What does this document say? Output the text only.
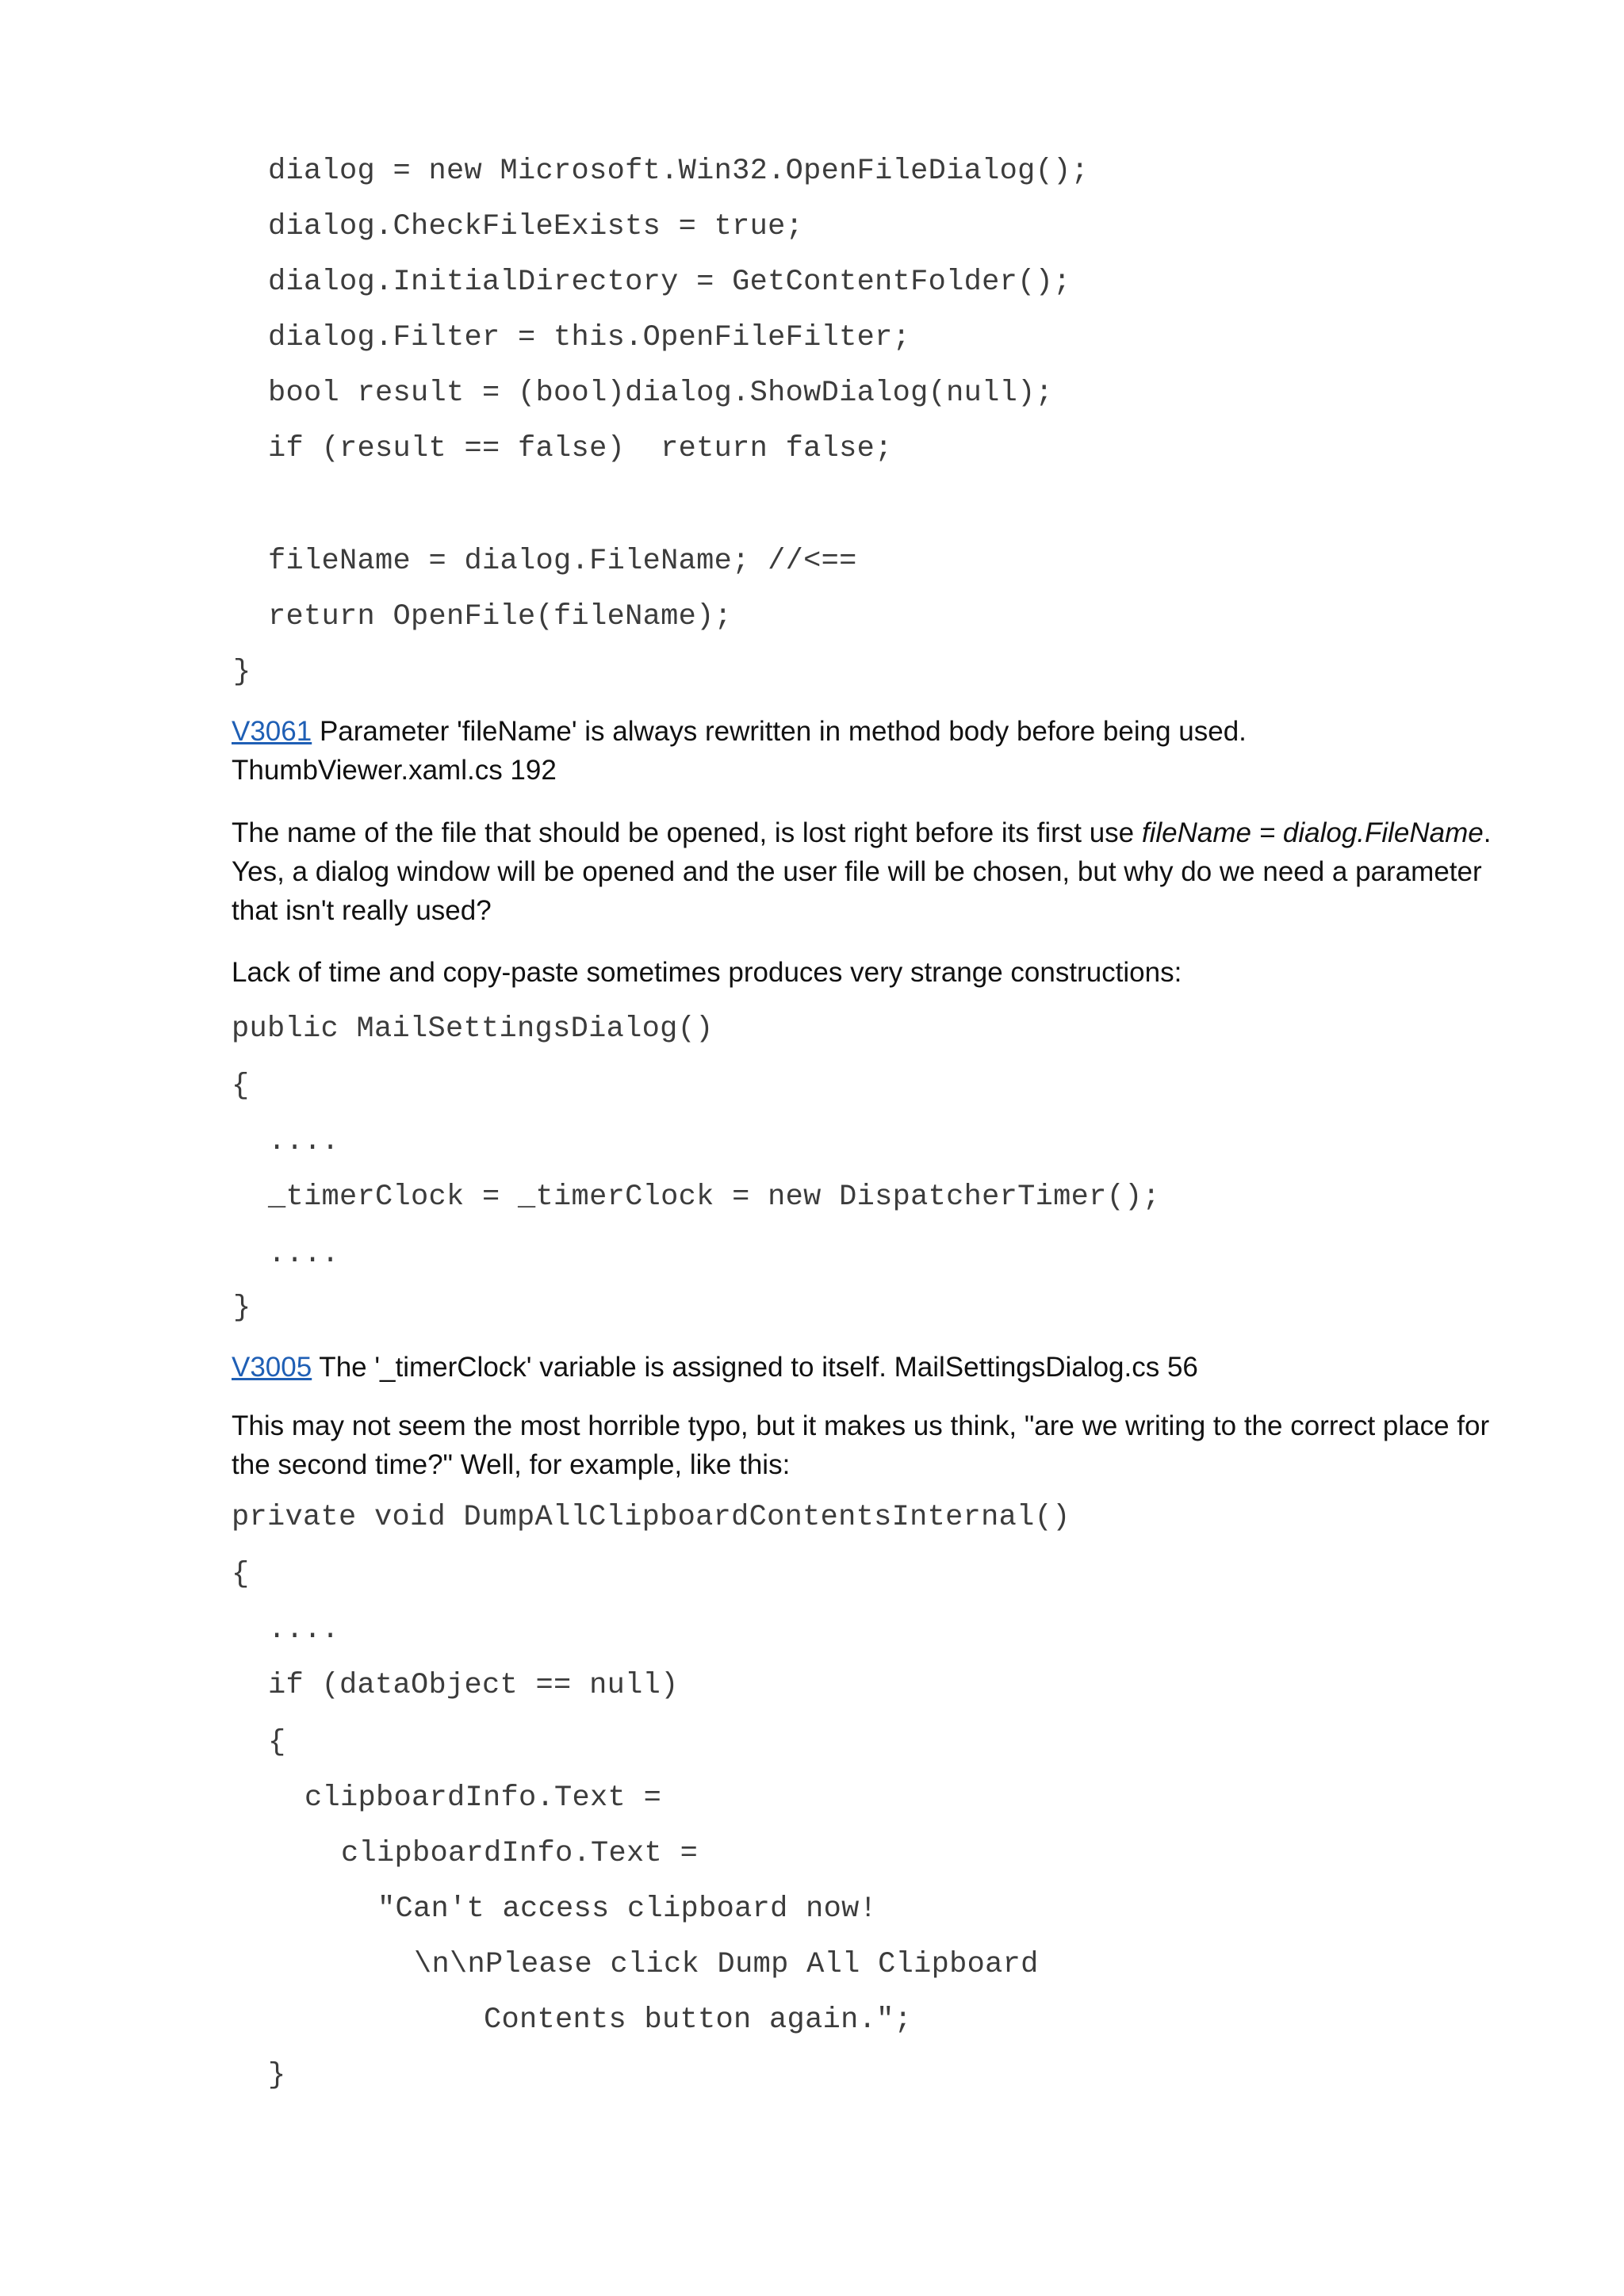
dialog = new Microsoft.Win32.OpenFileDialog();
dialog.CheckFileExists = true;
dialog.InitialDirectory = GetContentFolder();
dialog.Filter = this.OpenFileFilter;
bool result = (bool)dialog.ShowDialog(null);
if (result == false)  return false;
fileName = dialog.FileName; //<==
return OpenFile(fileName);
}
V3061 Parameter 'fileName' is always rewritten in method body before being used.
ThumbViewer.xaml.cs 192
The name of the file that should be opened, is lost right before its first use fileName = dialog.FileName. Yes, a dialog window will be opened and the user file will be chosen, but why do we need a parameter that isn't really used?
Lack of time and copy-paste sometimes produces very strange constructions:
public MailSettingsDialog()
{
....
_timerClock = _timerClock = new DispatcherTimer();
....
}
V3005 The '_timerClock' variable is assigned to itself. MailSettingsDialog.cs 56
This may not seem the most horrible typo, but it makes us think, "are we writing to the correct place for the second time?" Well, for example, like this:
private void DumpAllClipboardContentsInternal()
{
....
if (dataObject == null)
{
clipboardInfo.Text =
clipboardInfo.Text =
"Can't access clipboard now!
\n\nPlease click Dump All Clipboard
Contents button again.";
}
